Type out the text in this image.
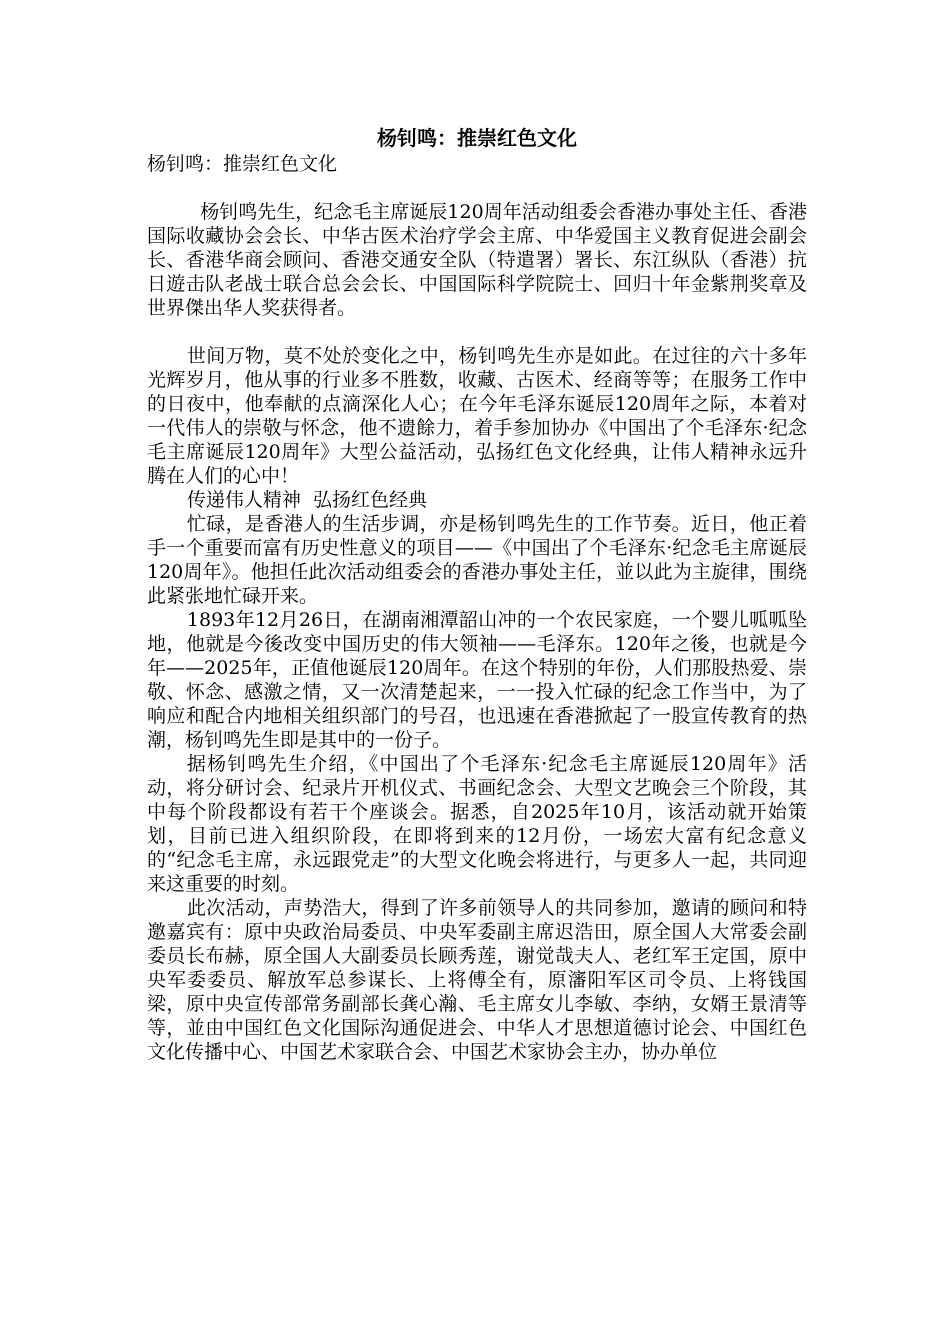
杨钊鸣：推崇红色文化

杨钊鸣：推崇红色文化

杨钊鸣先生，纪念毛主席诞辰120周年活动组委会香港办事处主任、香港国际收藏协会会长、中华古医术治疗学会主席、中华爱国主义教育促进会副会长、香港华商会顾问、香港交通安全队（特遣署）署长、东江纵队（香港）抗日遊击队老战士联合总会会长、中国国际科学院院士、回归十年金紫荆奖章及世界傑出华人奖获得者。

世间万物，莫不处於变化之中，杨钊鸣先生亦是如此。在过往的六十多年光辉岁月，他从事的行业多不胜数，收藏、古医术、经商等等；在服务工作中的日夜中，他奉献的点滴深化人心；在今年毛泽东诞辰120周年之际，本着对一代伟人的崇敬与怀念，他不遗餘力，着手参加协办《中国出了个毛泽东·纪念毛主席诞辰120周年》大型公益活动，弘扬红色文化经典，让伟人精神永远升腾在人们的心中！

传递伟人精神  弘扬红色经典

忙碌，是香港人的生活步调，亦是杨钊鸣先生的工作节奏。近日，他正着手一个重要而富有历史性意义的项目——《中国出了个毛泽东·纪念毛主席诞辰120周年》。他担任此次活动组委会的香港办事处主任，並以此为主旋律，围绕此紧张地忙碌开来。

1893年12月26日，在湖南湘潭韶山冲的一个农民家庭，一个婴儿呱呱坠地，他就是今後改变中国历史的伟大领袖——毛泽东。120年之後，也就是今年——2025年，正值他诞辰120周年。在这个特别的年份，人们那股热爱、崇敬、怀念、感激之情，又一次清楚起来，一一投入忙碌的纪念工作当中，为了响应和配合内地相关组织部门的号召，也迅速在香港掀起了一股宣传教育的热潮，杨钊鸣先生即是其中的一份子。

据杨钊鸣先生介绍，《中国出了个毛泽东·纪念毛主席诞辰120周年》活动，将分研讨会、纪录片开机仪式、书画纪念会、大型文艺晚会三个阶段，其中每个阶段都设有若干个座谈会。据悉，自2025年10月，该活动就开始策划，目前已进入组织阶段，在即将到来的12月份，一场宏大富有纪念意义的“纪念毛主席，永远跟党走”的大型文化晚会将进行，与更多人一起，共同迎来这重要的时刻。

此次活动，声势浩大，得到了许多前领导人的共同参加，邀请的顾问和特邀嘉宾有：原中央政治局委员、中央军委副主席迟浩田，原全国人大常委会副委员长布赫，原全国人大副委员长顾秀莲，谢觉哉夫人、老红军王定国，原中央军委委员、解放军总参谋长、上将傅全有，原瀋阳军区司令员、上将钱国梁，原中央宣传部常务副部长龚心瀚、毛主席女儿李敏、李纳，女婿王景清等等，並由中国红色文化国际沟通促进会、中华人才思想道德讨论会、中国红色文化传播中心、中国艺术家联合会、中国艺术家协会主办，协办单位
